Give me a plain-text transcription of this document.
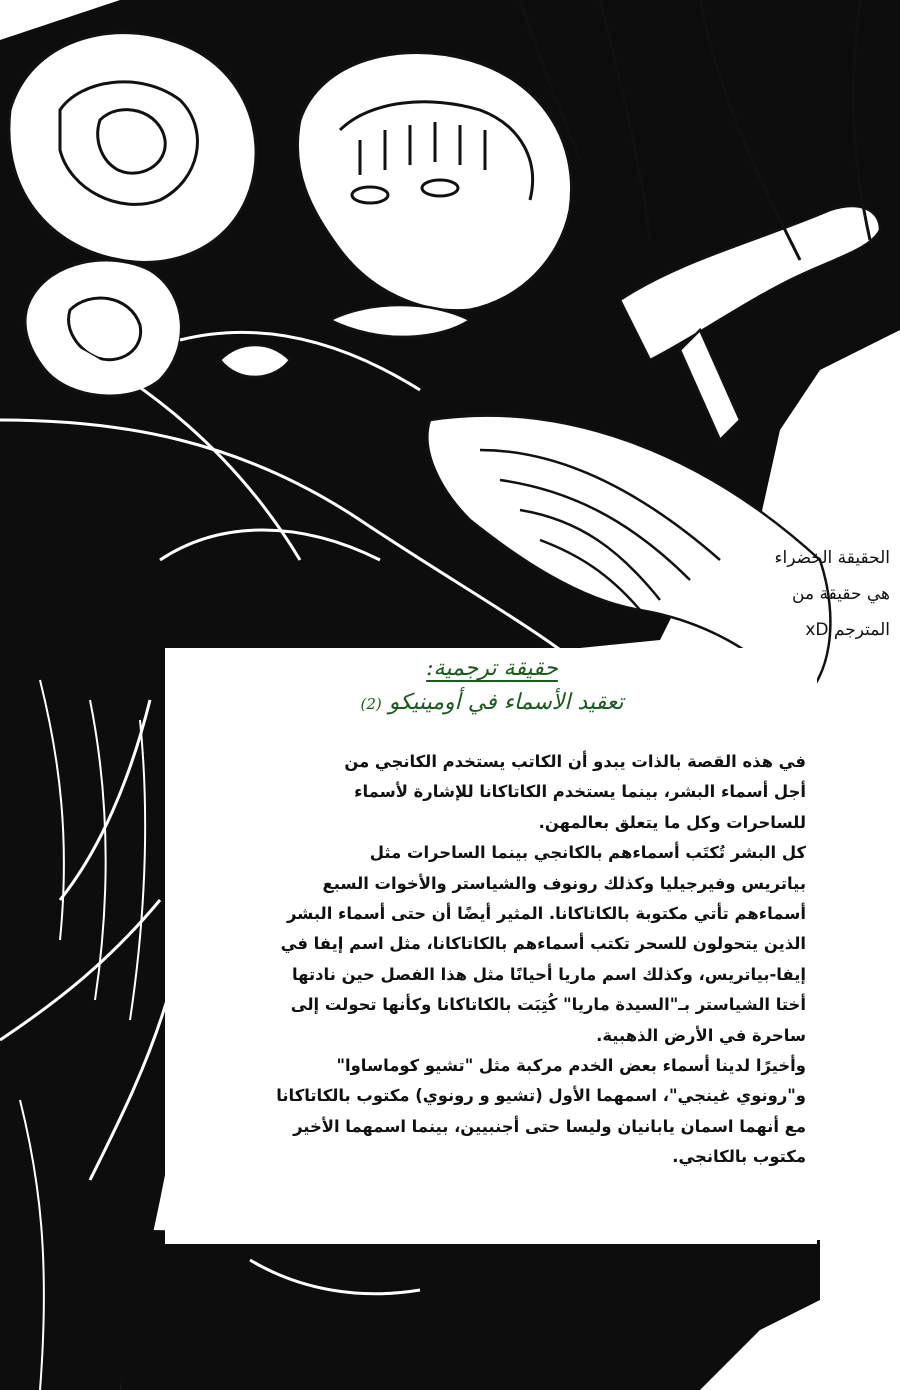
الحقيقة الخضراء
هي حقيقة من
المترجم xD
حقيقة ترجمية:
تعقيد الأسماء في أومينيكو (2)
في هذه القصة بالذات يبدو أن الكاتب يستخدم الكانجي من
أجل أسماء البشر، بينما يستخدم الكاتاكانا للإشارة لأسماء
للساحرات وكل ما يتعلق بعالمهن.
كل البشر تُكتَب أسماءهم بالكانجي بينما الساحرات مثل
بياتريس وفيرجيليا وكذلك رونوف والشياستر والأخوات السبع
أسماءهم تأتي مكتوبة بالكاتاكانا. المثير أيضًا أن حتى أسماء البشر
الذين يتحولون للسحر تكتب أسماءهم بالكاتاكانا، مثل اسم إيفا في
إيفا-بياتريس، وكذلك اسم ماريا أحيانًا مثل هذا الفصل حين نادتها
أختا الشياستر بـ"السيدة ماريا" كُتِبَت بالكاتاكانا وكأنها تحولت إلى
ساحرة في الأرض الذهبية.
وأخيرًا لدينا أسماء بعض الخدم مركبة مثل "تشيو كوماساوا"
و"رونوي غينجي"، اسمهما الأول (تشيو و رونوي) مكتوب بالكاتاكانا
مع أنهما اسمان يابانيان وليسا حتى أجنبيين، بينما اسمهما الأخير
مكتوب بالكانجي.
